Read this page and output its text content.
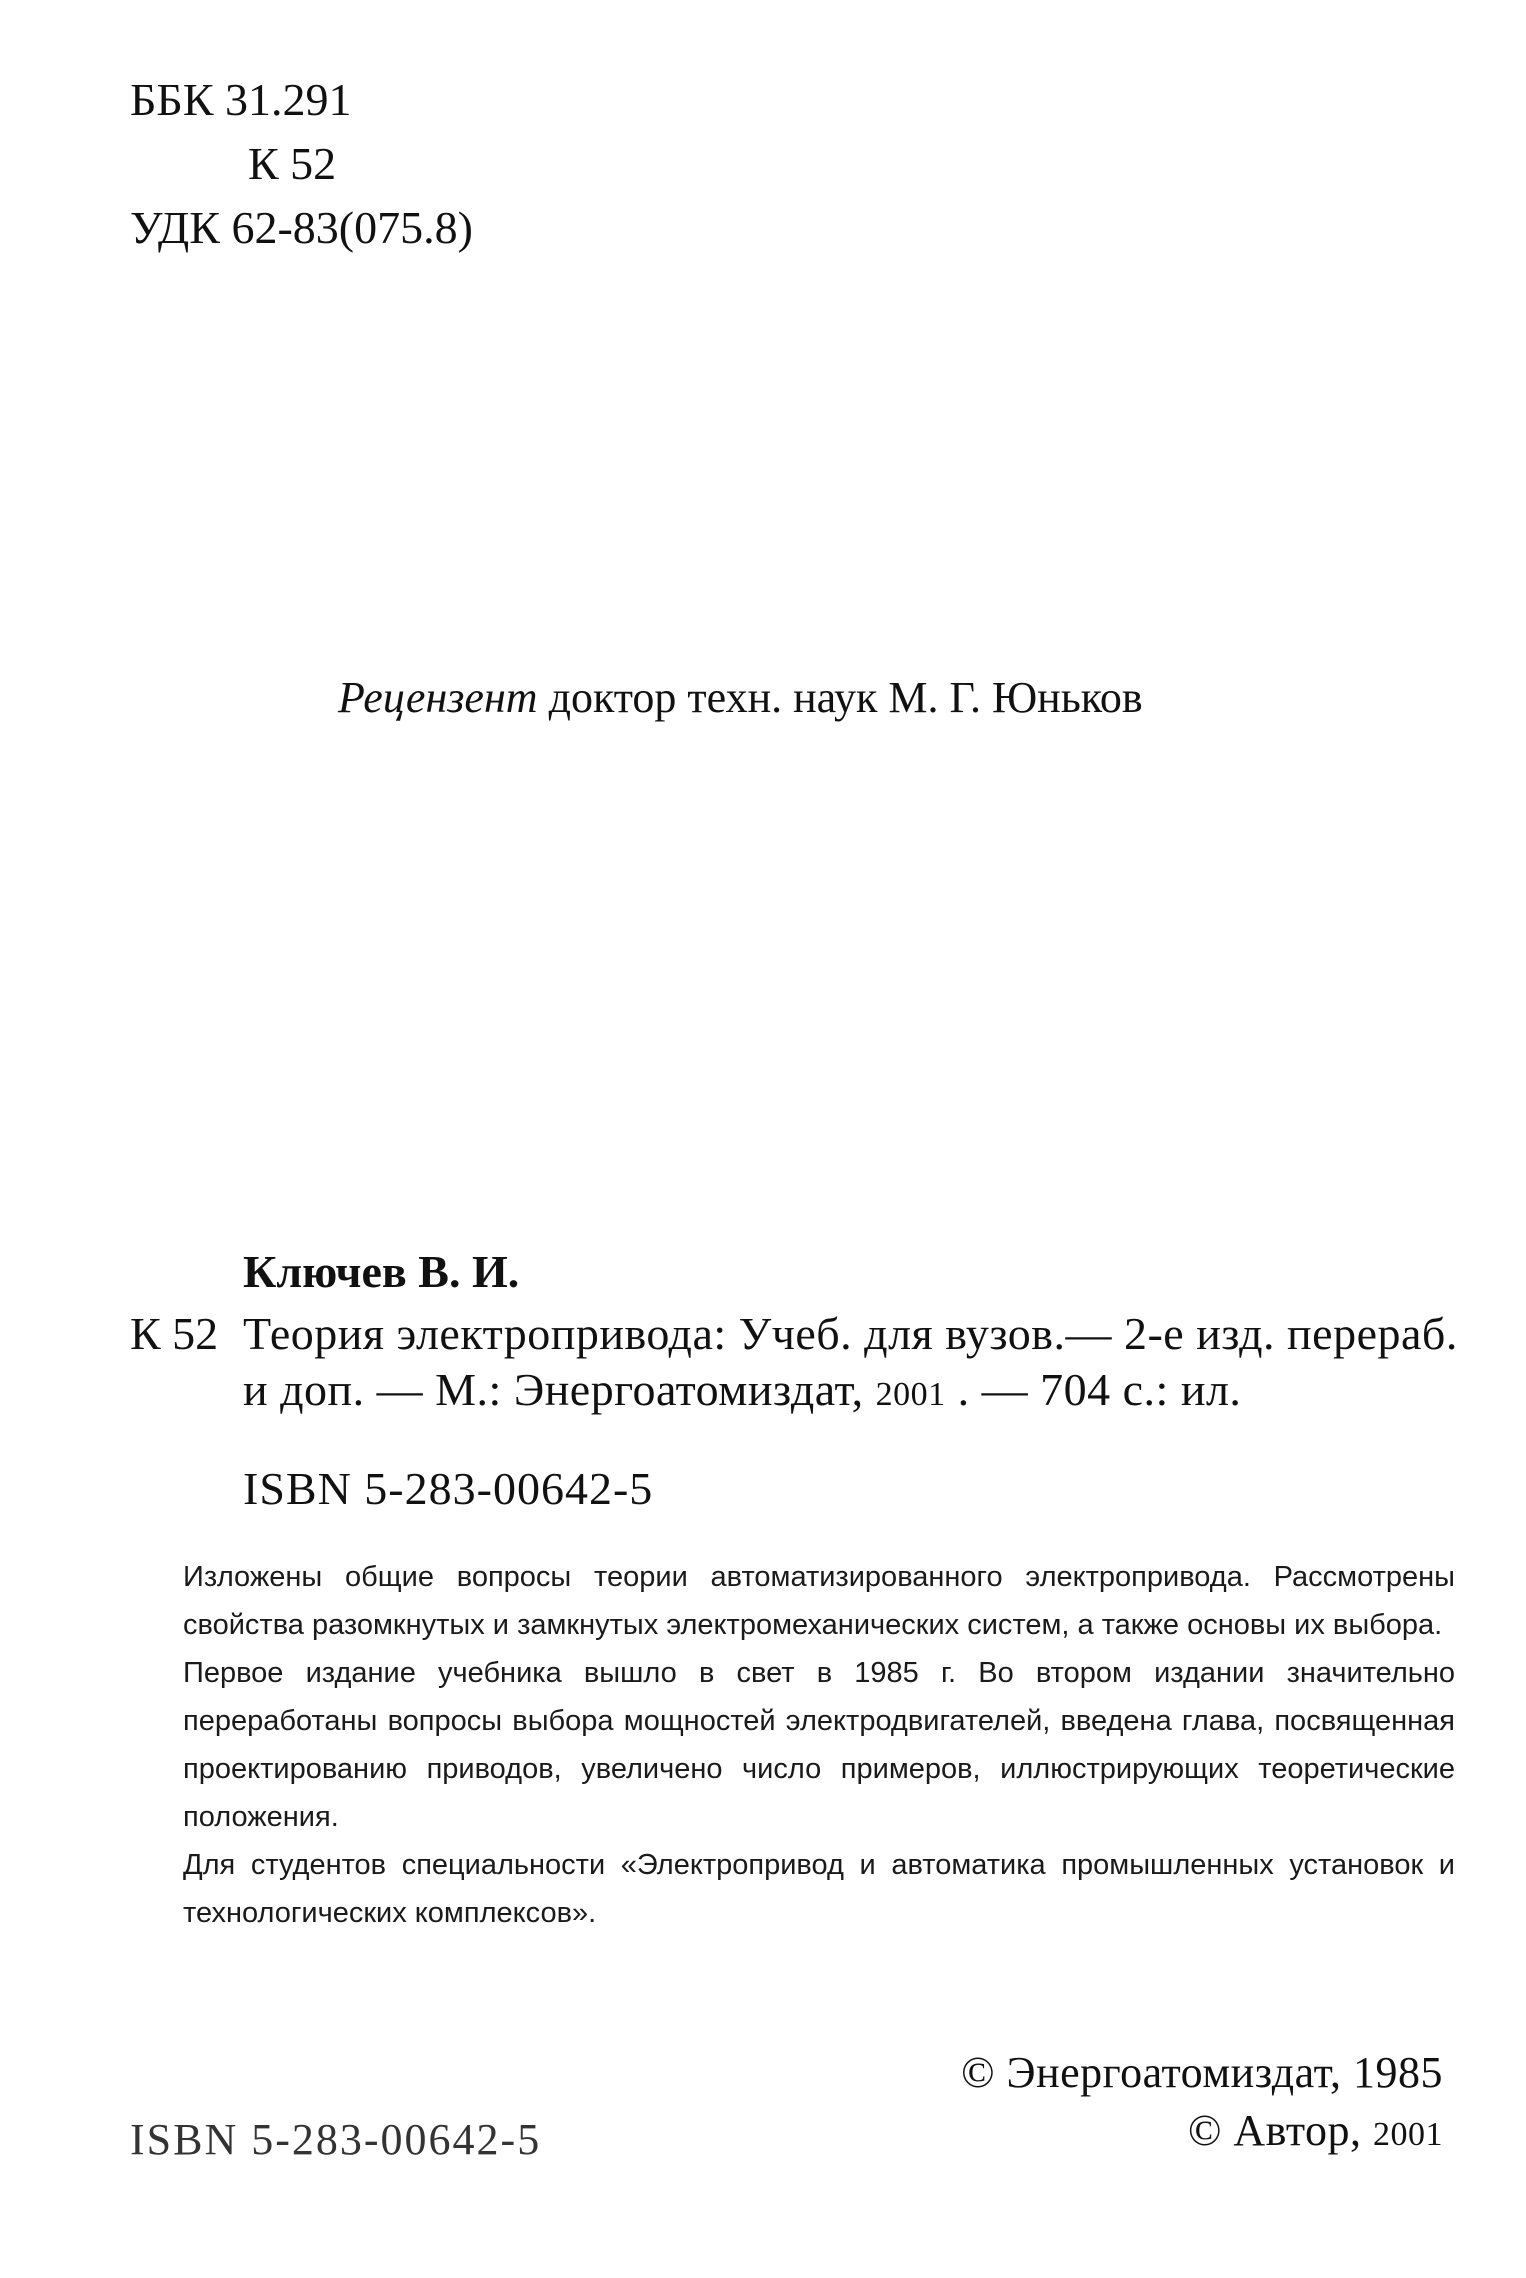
ББК 31.291
К 52
УДК 62-83(075.8)

Рецензент доктор техн. наук М. Г. Юньков

Ключев В. И.

К 52 Теория электропривода: Учеб. для вузов.— 2-е изд. перераб.

и доп. — М.: Энергоатомиздат, 2001 . — 704 с.: ил.

ISBN 5-283-00642-5

Изложены общие вопросы теории автоматизированного электропривода. Рассмотрены свойства разомкнутых и замкнутых электромеханических систем, а также основы их выбора.

Первое издание учебника вышло в свет в 1985 г. Во втором издании значительно переработаны вопросы выбора мощностей электродвигателей, введена глава, посвященная проектированию приводов, увеличено число примеров, иллюстрирующих теоретические положения.

Для студентов специальности «Электропривод и автоматика промышленных установок и технологических комплексов».

© Энергоатомиздат, 1985

© Автор, 2001

ISBN 5-283-00642-5
